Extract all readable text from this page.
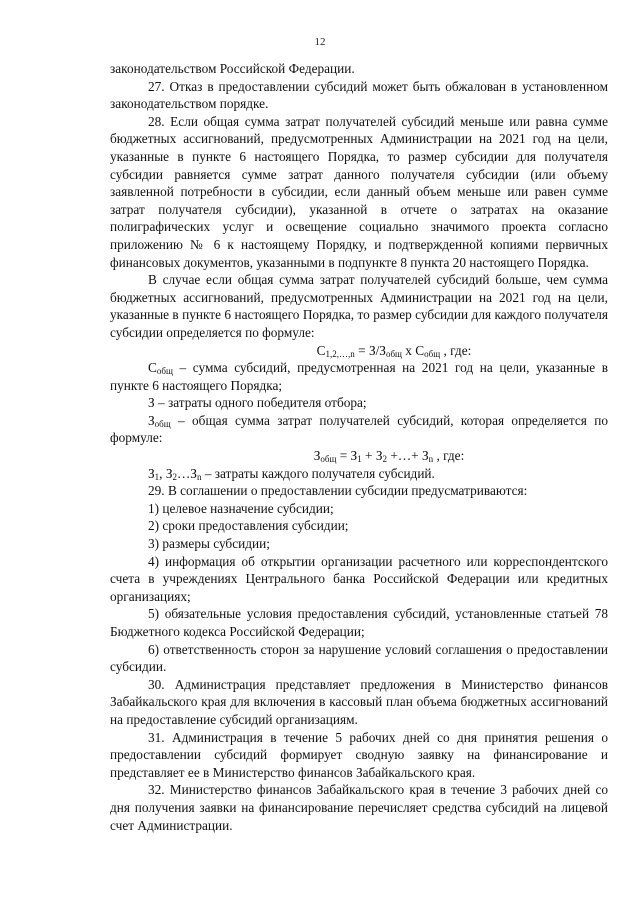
12

законодательством Российской Федерации.

27. Отказ в предоставлении субсидий может быть обжалован в установленном законодательством порядке.

28. Если общая сумма затрат получателей субсидий меньше или равна сумме бюджетных ассигнований, предусмотренных Администрации на 2021 год на цели, указанные в пункте 6 настоящего Порядка, то размер субсидии для получателя субсидии равняется сумме затрат данного получателя субсидии (или объему заявленной потребности в субсидии, если данный объем меньше или равен сумме затрат получателя субсидии), указанной в отчете о затратах на оказание полиграфических услуг и освещение социально значимого проекта согласно приложению № 6 к настоящему Порядку, и подтвержденной копиями первичных финансовых документов, указанными в подпункте 8 пункта 20 настоящего Порядка.

В случае если общая сумма затрат получателей субсидий больше, чем сумма бюджетных ассигнований, предусмотренных Администрации на 2021 год на цели, указанные в пункте 6 настоящего Порядка, то размер субсидии для каждого получателя субсидии определяется по формуле:

$С_{1,2,\dots,n} = З/З_{общ}$ х $С_{общ}$ , где:

$С_{общ}$ – сумма субсидий, предусмотренная на 2021 год на цели, указанные в пункте 6 настоящего Порядка;

З – затраты одного победителя отбора;

$З_{общ}$ – общая сумма затрат получателей субсидий, которая определяется по формуле:

$З_{общ} = З_1 + З_2$ +…+ $З_n$ , где:

$З_1$, $З_2\dots З_n$ – затраты каждого получателя субсидий.

29. В соглашении о предоставлении субсидии предусматриваются:

1) целевое назначение субсидии;

2) сроки предоставления субсидии;

3) размеры субсидии;

4) информация об открытии организации расчетного или корреспондентского счета в учреждениях Центрального банка Российской Федерации или кредитных организациях;

5) обязательные условия предоставления субсидий, установленные статьей 78 Бюджетного кодекса Российской Федерации;

6) ответственность сторон за нарушение условий соглашения о предоставлении субсидии.

30. Администрация представляет предложения в Министерство финансов Забайкальского края для включения в кассовый план объема бюджетных ассигнований на предоставление субсидий организациям.

31. Администрация в течение 5 рабочих дней со дня принятия решения о предоставлении субсидий формирует сводную заявку на финансирование и представляет ее в Министерство финансов Забайкальского края.

32. Министерство финансов Забайкальского края в течение 3 рабочих дней со дня получения заявки на финансирование перечисляет средства субсидий на лицевой счет Администрации.
